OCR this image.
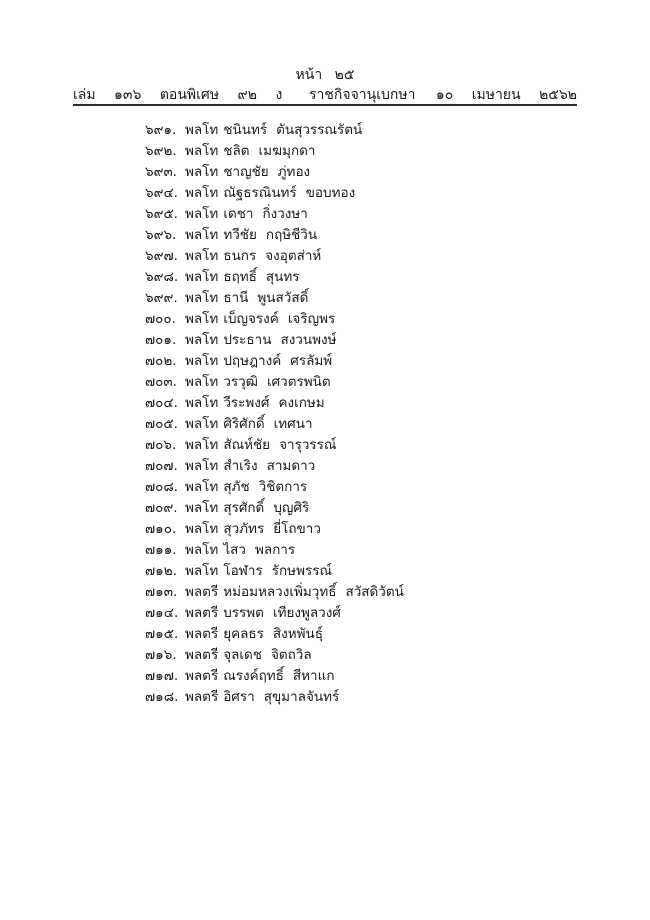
หน้า ๒๕
เล่ม ๑๓๖ ตอนพิเศษ ๙๒ ง	ราชกิจจานุเบกษา	๑๐ เมษายน ๒๕๖๒
๖๙๑. พลโท ชนินทร์ ตันสุวรรณรัตน์
๖๙๒. พลโท ชลิต เมฆมุกดา
๖๙๓. พลโท ชาญชัย ภู่ทอง
๖๙๔. พลโท ณัฐธรณินทร์ ขอบทอง
๖๙๕. พลโท เดชา กิ่งวงษา
๖๙๖. พลโท ทวีชัย กฤษิชีวิน
๖๙๗. พลโท ธนกร จงอุตส่าห์
๖๙๘. พลโท ธฤทธิ์ สุนทร
๖๙๙. พลโท ธานี พูนสวัสดิ์
๗๐๐. พลโท เบ็ญจรงค์ เจริญพร
๗๐๑. พลโท ประธาน สงวนพงษ์
๗๐๒. พลโท ปฤษฎางค์ ศรลัมพ์
๗๐๓. พลโท วรวุฒิ เศวตรพนิต
๗๐๔. พลโท วีระพงศ์ คงเกษม
๗๐๕. พลโท ศิริศักดิ์ เทศนา
๗๐๖. พลโท สัณห์ชัย จารุวรรณ์
๗๐๗. พลโท สำเริง สามดาว
๗๐๘. พลโท สุภัช วิชิตการ
๗๐๙. พลโท สุรศักดิ์ บุญศิริ
๗๑๐. พลโท สุวภัทร ยี่โถขาว
๗๑๑. พลโท ไสว พลการ
๗๑๒. พลโท โอฬาร รักษพรรณ์
๗๑๓. พลตรี หม่อมหลวงเพิ่มวุทธิ์ สวัสดิวัตน์
๗๑๔. พลตรี บรรพต เทียงพูลวงศ์
๗๑๕. พลตรี ยุคลธร สิงหพันธุ์
๗๑๖. พลตรี จุลเดช จิตถวิล
๗๑๗. พลตรี ณรงค์ฤทธิ์ สีหาแก
๗๑๘. พลตรี อิศรา สุขุมาลจันทร์
